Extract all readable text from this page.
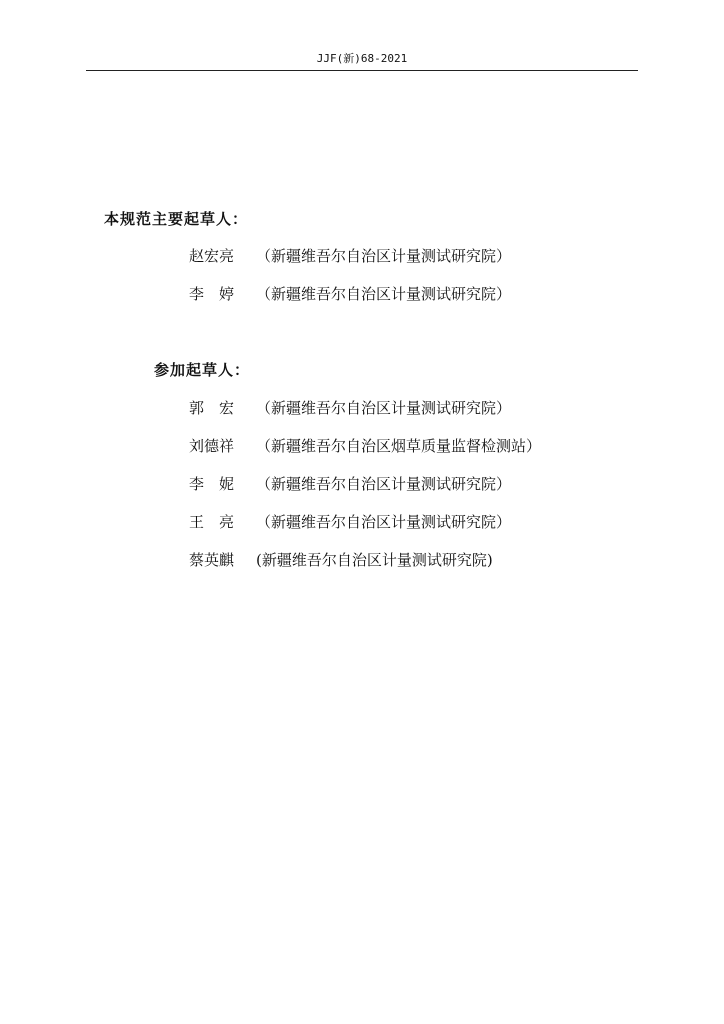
JJF(新)68-2021
本规范主要起草人：
赵宏亮	（新疆维吾尔自治区计量测试研究院）
李　婷	（新疆维吾尔自治区计量测试研究院）
参加起草人：
郭　宏	（新疆维吾尔自治区计量测试研究院）
刘德祥	（新疆维吾尔自治区烟草质量监督检测站）
李　妮	（新疆维吾尔自治区计量测试研究院）
王　亮	（新疆维吾尔自治区计量测试研究院）
蔡英麒	(新疆维吾尔自治区计量测试研究院)
